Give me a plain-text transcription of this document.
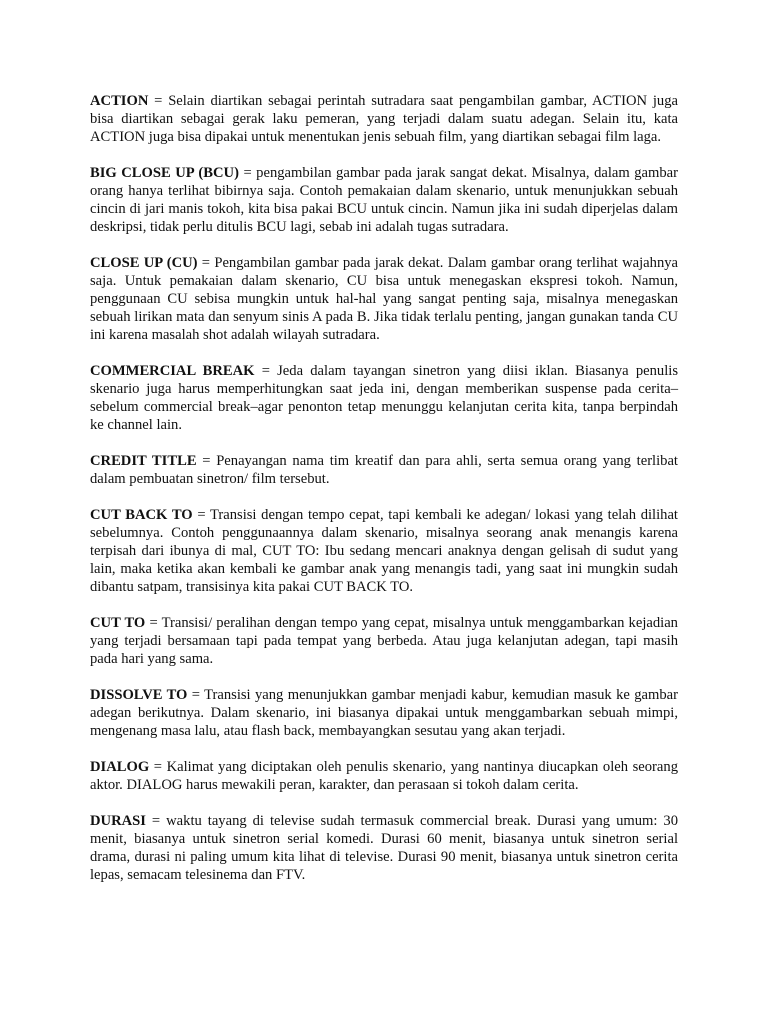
ACTION = Selain diartikan sebagai perintah sutradara saat pengambilan gambar, ACTION juga bisa diartikan sebagai gerak laku pemeran, yang terjadi dalam suatu adegan. Selain itu, kata ACTION juga bisa dipakai untuk menentukan jenis sebuah film, yang diartikan sebagai film laga.

BIG CLOSE UP (BCU) = pengambilan gambar pada jarak sangat dekat. Misalnya, dalam gambar orang hanya terlihat bibirnya saja. Contoh pemakaian dalam skenario, untuk menunjukkan sebuah cincin di jari manis tokoh, kita bisa pakai BCU untuk cincin. Namun jika ini sudah diperjelas dalam deskripsi, tidak perlu ditulis BCU lagi, sebab ini adalah tugas sutradara.

CLOSE UP (CU) = Pengambilan gambar pada jarak dekat. Dalam gambar orang terlihat wajahnya saja. Untuk pemakaian dalam skenario, CU bisa untuk menegaskan ekspresi tokoh. Namun, penggunaan CU sebisa mungkin untuk hal-hal yang sangat penting saja, misalnya menegaskan sebuah lirikan mata dan senyum sinis A pada B. Jika tidak terlalu penting, jangan gunakan tanda CU ini karena masalah shot adalah wilayah sutradara.

COMMERCIAL BREAK = Jeda dalam tayangan sinetron yang diisi iklan. Biasanya penulis skenario juga harus memperhitungkan saat jeda ini, dengan memberikan suspense pada cerita–sebelum commercial break–agar penonton tetap menunggu kelanjutan cerita kita, tanpa berpindah ke channel lain.

CREDIT TITLE = Penayangan nama tim kreatif dan para ahli, serta semua orang yang terlibat dalam pembuatan sinetron/ film tersebut.

CUT BACK TO = Transisi dengan tempo cepat, tapi kembali ke adegan/ lokasi yang telah dilihat sebelumnya. Contoh penggunaannya dalam skenario, misalnya seorang anak menangis karena terpisah dari ibunya di mal, CUT TO: Ibu sedang mencari anaknya dengan gelisah di sudut yang lain, maka ketika akan kembali ke gambar anak yang menangis tadi, yang saat ini mungkin sudah dibantu satpam, transisinya kita pakai CUT BACK TO.

CUT TO = Transisi/ peralihan dengan tempo yang cepat, misalnya untuk menggambarkan kejadian yang terjadi bersamaan tapi pada tempat yang berbeda. Atau juga kelanjutan adegan, tapi masih pada hari yang sama.

DISSOLVE TO = Transisi yang menunjukkan gambar menjadi kabur, kemudian masuk ke gambar adegan berikutnya. Dalam skenario, ini biasanya dipakai untuk menggambarkan sebuah mimpi, mengenang masa lalu, atau flash back, membayangkan sesutau yang akan terjadi.

DIALOG = Kalimat yang diciptakan oleh penulis skenario, yang nantinya diucapkan oleh seorang aktor. DIALOG harus mewakili peran, karakter, dan perasaan si tokoh dalam cerita.

DURASI = waktu tayang di televise sudah termasuk commercial break. Durasi yang umum: 30 menit, biasanya untuk sinetron serial komedi. Durasi 60 menit, biasanya untuk sinetron serial drama, durasi ni paling umum kita lihat di televise. Durasi 90 menit, biasanya untuk sinetron cerita lepas, semacam telesinema dan FTV.
